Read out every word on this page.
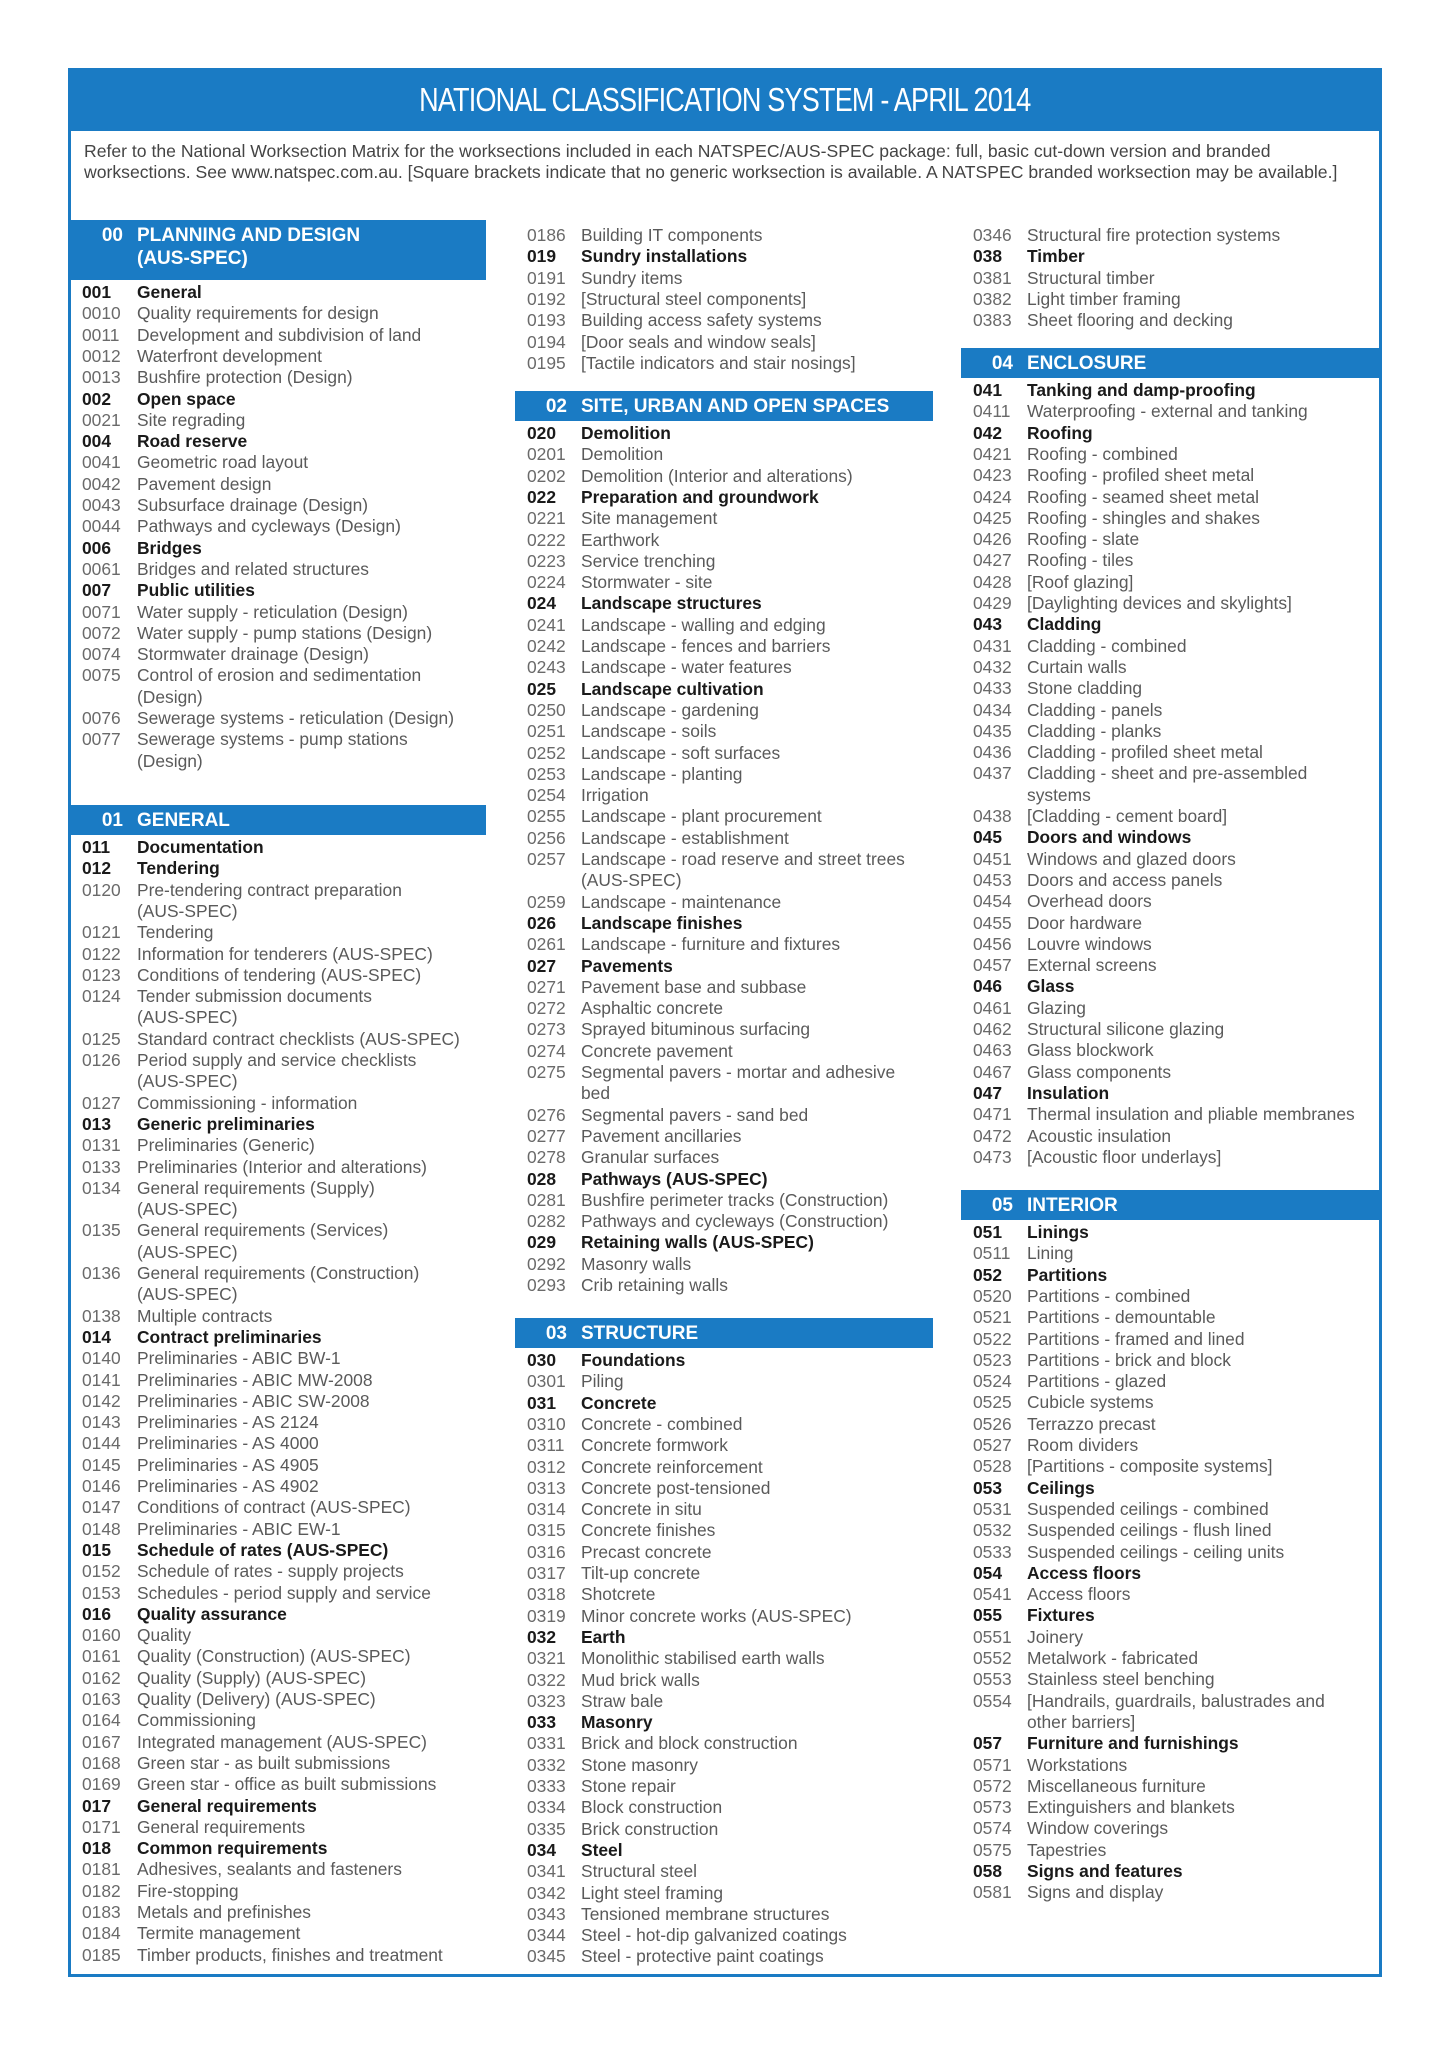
NATIONAL CLASSIFICATION SYSTEM - APRIL 2014
Refer to the National Worksection Matrix for the worksections included in each NATSPEC/AUS-SPEC package: full, basic cut-down version and branded worksections. See www.natspec.com.au. [Square brackets indicate that no generic worksection is available. A NATSPEC branded worksection may be available.]
00 PLANNING AND DESIGN
(AUS-SPEC)
001 General
0010 Quality requirements for design
0011 Development and subdivision of land
0012 Waterfront development
0013 Bushfire protection (Design)
002 Open space
0021 Site regrading
004 Road reserve
0041 Geometric road layout
0042 Pavement design
0043 Subsurface drainage (Design)
0044 Pathways and cycleways (Design)
006 Bridges
0061 Bridges and related structures
007 Public utilities
0071 Water supply - reticulation (Design)
0072 Water supply - pump stations (Design)
0074 Stormwater drainage (Design)
0075 Control of erosion and sedimentation
(Design)
0076 Sewerage systems - reticulation (Design)
0077 Sewerage systems - pump stations
(Design)
01 GENERAL
011 Documentation
012 Tendering
0120 Pre-tendering contract preparation
(AUS-SPEC)
0121 Tendering
0122 Information for tenderers (AUS-SPEC)
0123 Conditions of tendering (AUS-SPEC)
0124 Tender submission documents
(AUS-SPEC)
0125 Standard contract checklists (AUS-SPEC)
0126 Period supply and service checklists
(AUS-SPEC)
0127 Commissioning - information
013 Generic preliminaries
0131 Preliminaries (Generic)
0133 Preliminaries (Interior and alterations)
0134 General requirements (Supply)
(AUS-SPEC)
0135 General requirements (Services)
(AUS-SPEC)
0136 General requirements (Construction)
(AUS-SPEC)
0138 Multiple contracts
014 Contract preliminaries
0140 Preliminaries - ABIC BW-1
0141 Preliminaries - ABIC MW-2008
0142 Preliminaries - ABIC SW-2008
0143 Preliminaries - AS 2124
0144 Preliminaries - AS 4000
0145 Preliminaries - AS 4905
0146 Preliminaries - AS 4902
0147 Conditions of contract (AUS-SPEC)
0148 Preliminaries - ABIC EW-1
015 Schedule of rates (AUS-SPEC)
0152 Schedule of rates - supply projects
0153 Schedules - period supply and service
016 Quality assurance
0160 Quality
0161 Quality (Construction) (AUS-SPEC)
0162 Quality (Supply) (AUS-SPEC)
0163 Quality (Delivery) (AUS-SPEC)
0164 Commissioning
0167 Integrated management (AUS-SPEC)
0168 Green star - as built submissions
0169 Green star - office as built submissions
017 General requirements
0171 General requirements
018 Common requirements
0181 Adhesives, sealants and fasteners
0182 Fire-stopping
0183 Metals and prefinishes
0184 Termite management
0185 Timber products, finishes and treatment
0186 Building IT components
019 Sundry installations
0191 Sundry items
0192 [Structural steel components]
0193 Building access safety systems
0194 [Door seals and window seals]
0195 [Tactile indicators and stair nosings]
02 SITE, URBAN AND OPEN SPACES
020 Demolition
0201 Demolition
0202 Demolition (Interior and alterations)
022 Preparation and groundwork
0221 Site management
0222 Earthwork
0223 Service trenching
0224 Stormwater - site
024 Landscape structures
0241 Landscape - walling and edging
0242 Landscape - fences and barriers
0243 Landscape - water features
025 Landscape cultivation
0250 Landscape - gardening
0251 Landscape - soils
0252 Landscape - soft surfaces
0253 Landscape - planting
0254 Irrigation
0255 Landscape - plant procurement
0256 Landscape - establishment
0257 Landscape - road reserve and street trees
(AUS-SPEC)
0259 Landscape - maintenance
026 Landscape finishes
0261 Landscape - furniture and fixtures
027 Pavements
0271 Pavement base and subbase
0272 Asphaltic concrete
0273 Sprayed bituminous surfacing
0274 Concrete pavement
0275 Segmental pavers - mortar and adhesive
bed
0276 Segmental pavers - sand bed
0277 Pavement ancillaries
0278 Granular surfaces
028 Pathways (AUS-SPEC)
0281 Bushfire perimeter tracks (Construction)
0282 Pathways and cycleways (Construction)
029 Retaining walls (AUS-SPEC)
0292 Masonry walls
0293 Crib retaining walls
03 STRUCTURE
030 Foundations
0301 Piling
031 Concrete
0310 Concrete - combined
0311 Concrete formwork
0312 Concrete reinforcement
0313 Concrete post-tensioned
0314 Concrete in situ
0315 Concrete finishes
0316 Precast concrete
0317 Tilt-up concrete
0318 Shotcrete
0319 Minor concrete works (AUS-SPEC)
032 Earth
0321 Monolithic stabilised earth walls
0322 Mud brick walls
0323 Straw bale
033 Masonry
0331 Brick and block construction
0332 Stone masonry
0333 Stone repair
0334 Block construction
0335 Brick construction
034 Steel
0341 Structural steel
0342 Light steel framing
0343 Tensioned membrane structures
0344 Steel - hot-dip galvanized coatings
0345 Steel - protective paint coatings
0346 Structural fire protection systems
038 Timber
0381 Structural timber
0382 Light timber framing
0383 Sheet flooring and decking
04 ENCLOSURE
041 Tanking and damp-proofing
0411 Waterproofing - external and tanking
042 Roofing
0421 Roofing - combined
0423 Roofing - profiled sheet metal
0424 Roofing - seamed sheet metal
0425 Roofing - shingles and shakes
0426 Roofing - slate
0427 Roofing - tiles
0428 [Roof glazing]
0429 [Daylighting devices and skylights]
043 Cladding
0431 Cladding - combined
0432 Curtain walls
0433 Stone cladding
0434 Cladding - panels
0435 Cladding - planks
0436 Cladding - profiled sheet metal
0437 Cladding - sheet and pre-assembled
systems
0438 [Cladding - cement board]
045 Doors and windows
0451 Windows and glazed doors
0453 Doors and access panels
0454 Overhead doors
0455 Door hardware
0456 Louvre windows
0457 External screens
046 Glass
0461 Glazing
0462 Structural silicone glazing
0463 Glass blockwork
0467 Glass components
047 Insulation
0471 Thermal insulation and pliable membranes
0472 Acoustic insulation
0473 [Acoustic floor underlays]
05 INTERIOR
051 Linings
0511 Lining
052 Partitions
0520 Partitions - combined
0521 Partitions - demountable
0522 Partitions - framed and lined
0523 Partitions - brick and block
0524 Partitions - glazed
0525 Cubicle systems
0526 Terrazzo precast
0527 Room dividers
0528 [Partitions - composite systems]
053 Ceilings
0531 Suspended ceilings - combined
0532 Suspended ceilings - flush lined
0533 Suspended ceilings - ceiling units
054 Access floors
0541 Access floors
055 Fixtures
0551 Joinery
0552 Metalwork - fabricated
0553 Stainless steel benching
0554 [Handrails, guardrails, balustrades and
other barriers]
057 Furniture and furnishings
0571 Workstations
0572 Miscellaneous furniture
0573 Extinguishers and blankets
0574 Window coverings
0575 Tapestries
058 Signs and features
0581 Signs and display
